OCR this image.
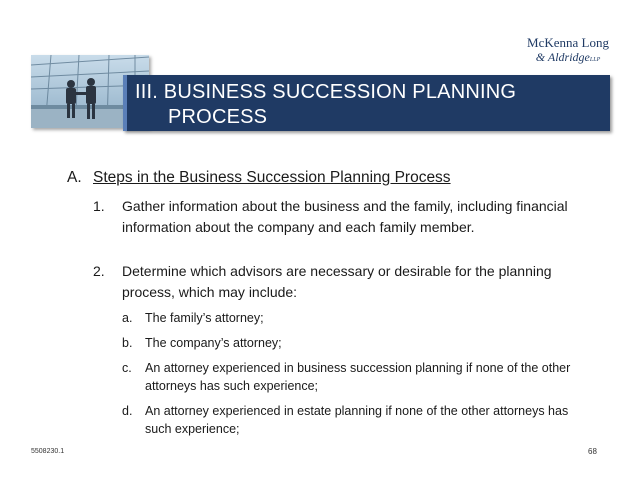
III. BUSINESS SUCCESSION PLANNING
PROCESS
McKenna Long
& AldridgeLLP
A. Steps in the Business Succession Planning Process
1. Gather information about the business and the family, including financial information about the company and each family member.
2. Determine which advisors are necessary or desirable for the planning process, which may include:
a. The family’s attorney;
b. The company’s attorney;
c. An attorney experienced in business succession planning if none of the other attorneys has such experience;
d. An attorney experienced in estate planning if none of the other attorneys has such experience;
5508230.1	68
